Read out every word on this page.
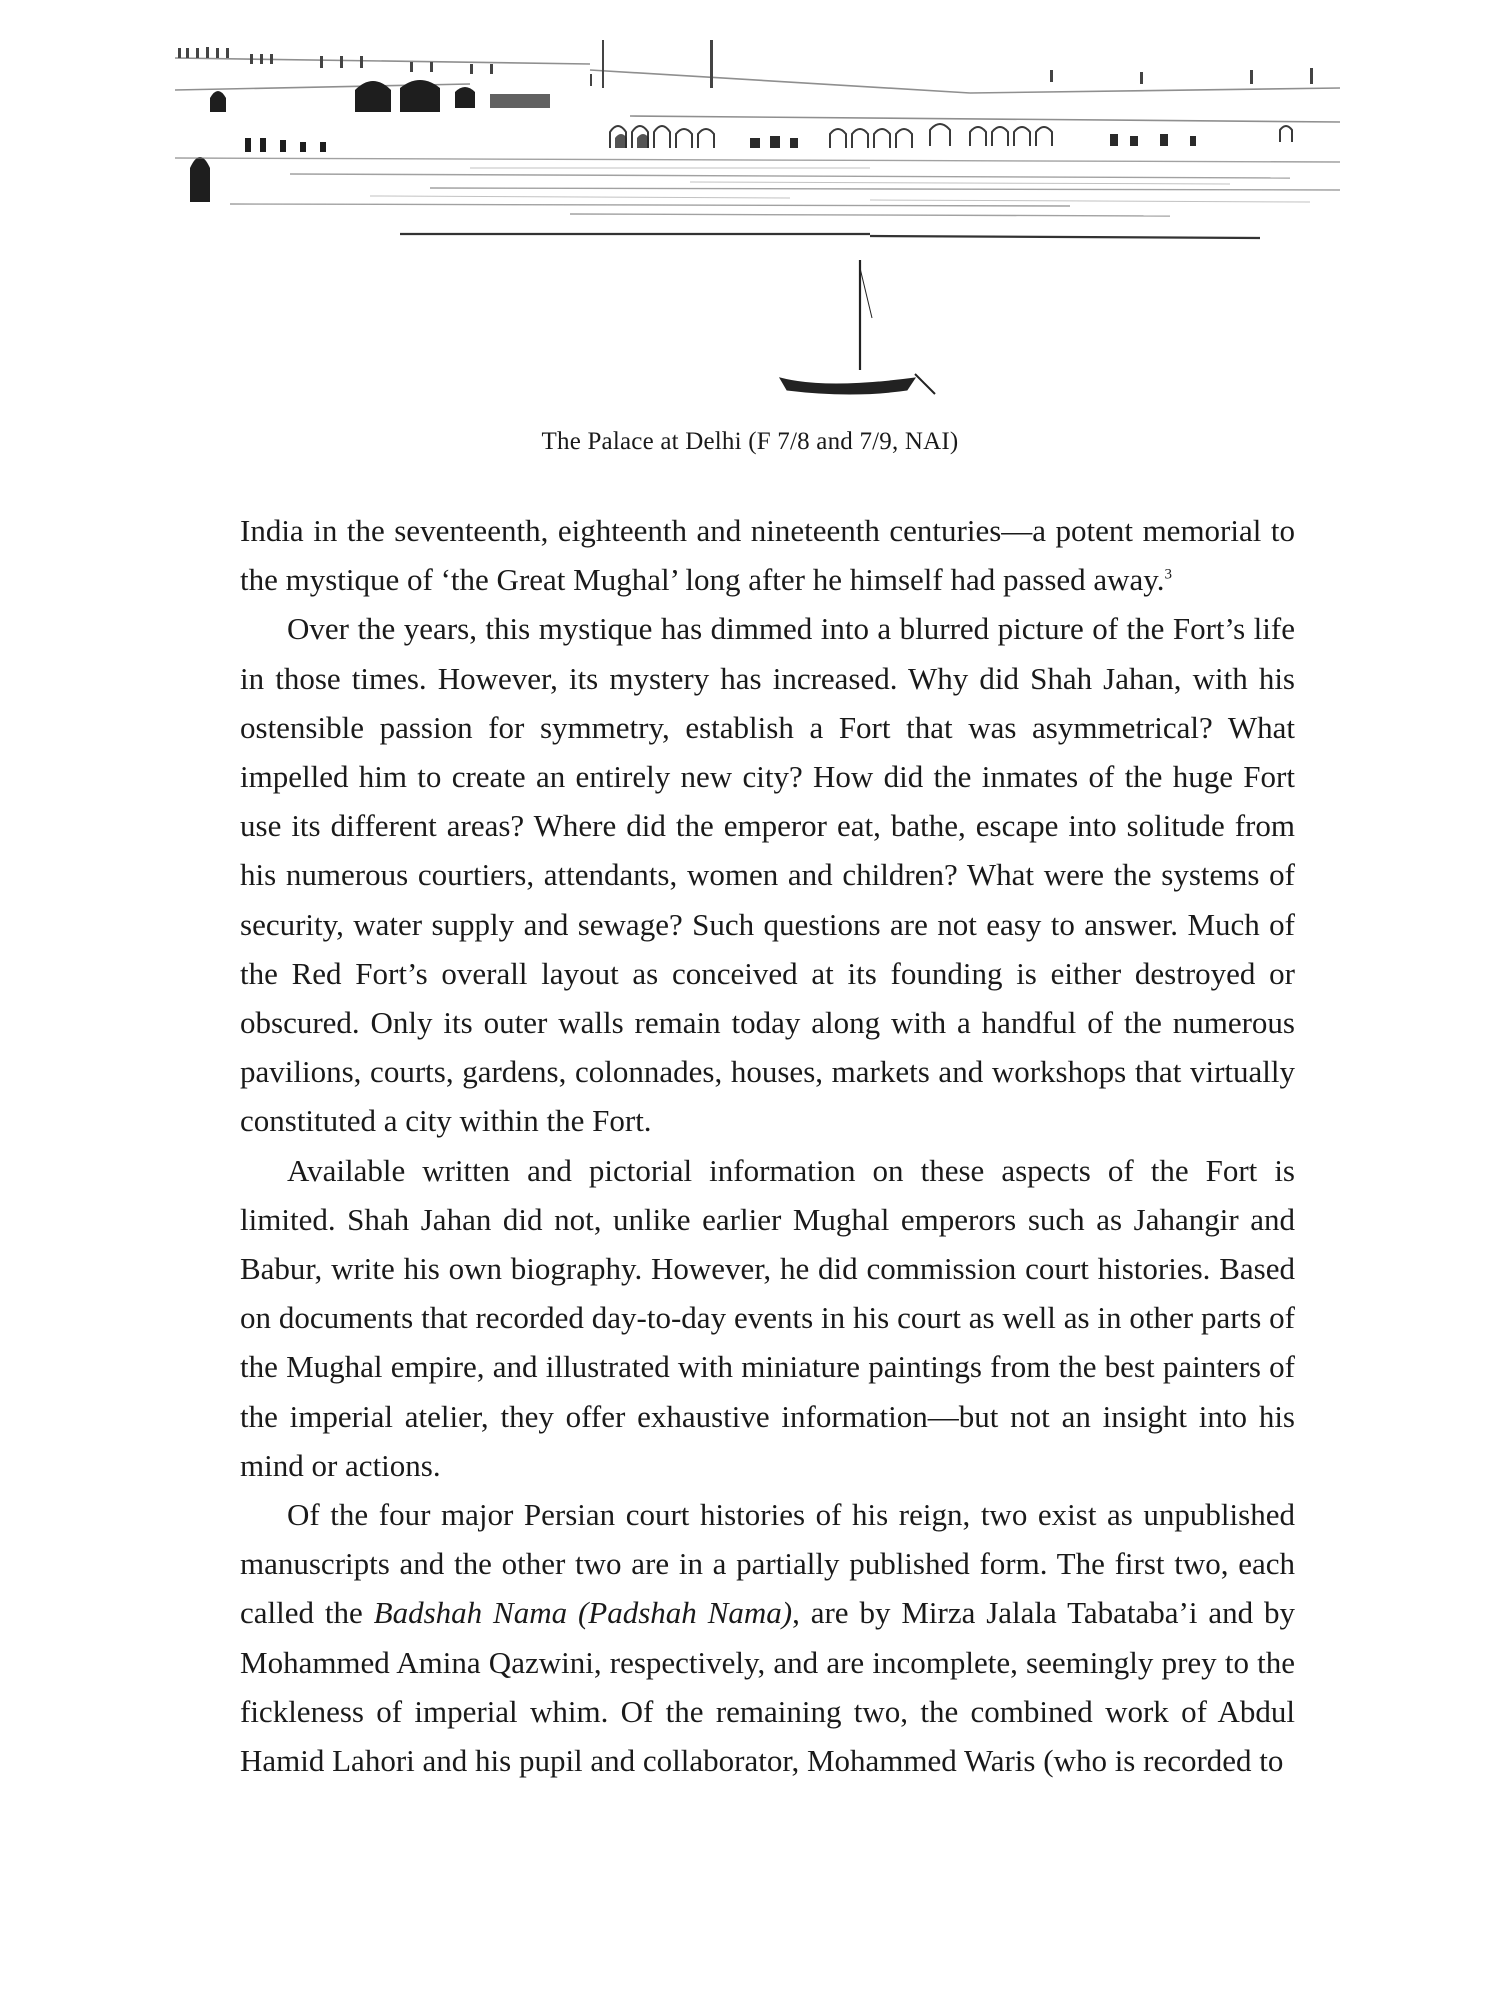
The Palace at Delhi (F 7/8 and 7/9, NAI)

India in the seventeenth, eighteenth and nineteenth centuries—a potent memorial to the mystique of ‘the Great Mughal’ long after he himself had passed away.$^3$

Over the years, this mystique has dimmed into a blurred picture of the Fort’s life in those times. However, its mystery has increased. Why did Shah Jahan, with his ostensible passion for symmetry, establish a Fort that was asymmetrical? What impelled him to create an entirely new city? How did the inmates of the huge Fort use its different areas? Where did the emperor eat, bathe, escape into solitude from his numerous courtiers, attendants, women and children? What were the systems of security, water supply and sewage? Such questions are not easy to answer. Much of the Red Fort’s overall layout as conceived at its founding is either destroyed or obscured. Only its outer walls remain today along with a handful of the numerous pavilions, courts, gardens, colonnades, houses, markets and workshops that virtually constituted a city within the Fort.

Available written and pictorial information on these aspects of the Fort is limited. Shah Jahan did not, unlike earlier Mughal emperors such as Jahangir and Babur, write his own biography. However, he did commission court histories. Based on documents that recorded day-to-day events in his court as well as in other parts of the Mughal empire, and illustrated with miniature paintings from the best painters of the imperial atelier, they offer exhaustive information—but not an insight into his mind or actions.

Of the four major Persian court histories of his reign, two exist as unpublished manuscripts and the other two are in a partially published form. The first two, each called the Badshah Nama (Padshah Nama), are by Mirza Jalala Tabataba’i and by Mohammed Amina Qazwini, respectively, and are incomplete, seemingly prey to the fickleness of imperial whim. Of the remaining two, the combined work of Abdul Hamid Lahori and his pupil and collaborator, Mohammed Waris (who is recorded to
